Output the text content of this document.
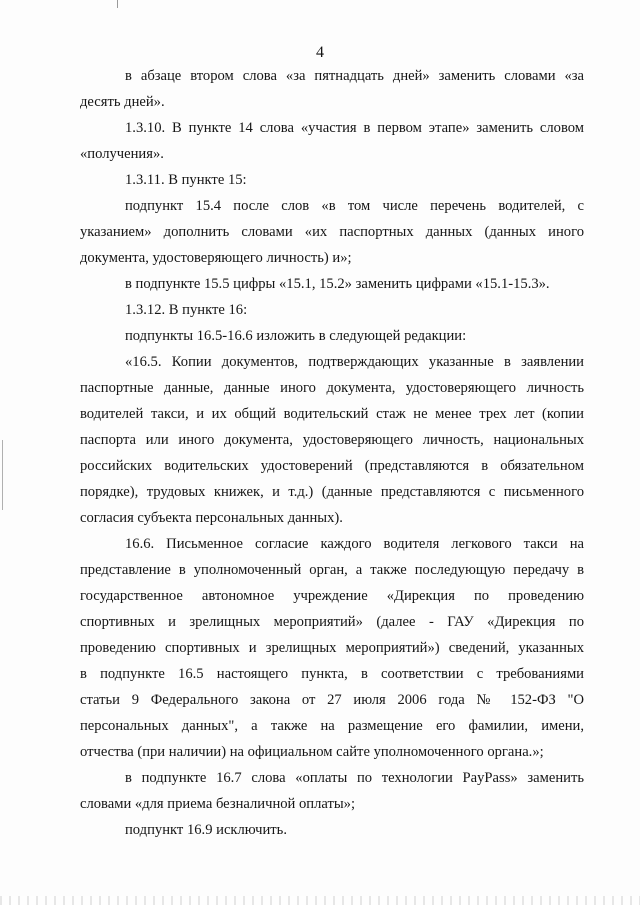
4
в абзаце втором слова «за пятнадцать дней» заменить словами «за
десять дней».
1.3.10. В пункте 14 слова «участия в первом этапе» заменить словом
«получения».
1.3.11. В пункте 15:
подпункт 15.4 после слов «в том числе перечень водителей, с
указанием» дополнить словами «их паспортных данных (данных иного
документа, удостоверяющего личность) и»;
в подпункте 15.5 цифры «15.1, 15.2» заменить цифрами «15.1-15.3».
1.3.12. В пункте 16:
подпункты 16.5-16.6 изложить в следующей редакции:
«16.5. Копии документов, подтверждающих указанные в заявлении
паспортные данные, данные иного документа, удостоверяющего личность
водителей такси, и их общий водительский стаж не менее трех лет (копии
паспорта или иного документа, удостоверяющего личность, национальных
российских водительских удостоверений (представляются в обязательном
порядке), трудовых книжек, и т.д.) (данные представляются с письменного
согласия субъекта персональных данных).
16.6. Письменное согласие каждого водителя легкового такси на
представление в уполномоченный орган, а также последующую передачу в
государственное автономное учреждение «Дирекция по проведению
спортивных и зрелищных мероприятий» (далее - ГАУ «Дирекция по
проведению спортивных и зрелищных мероприятий») сведений, указанных
в подпункте 16.5 настоящего пункта, в соответствии с требованиями
статьи 9 Федерального закона от 27 июля 2006 года № 152-ФЗ "О
персональных данных", а также на размещение его фамилии, имени,
отчества (при наличии) на официальном сайте уполномоченного органа.»;
в подпункте 16.7 слова «оплаты по технологии PayPass» заменить
словами «для приема безналичной оплаты»;
подпункт 16.9 исключить.
